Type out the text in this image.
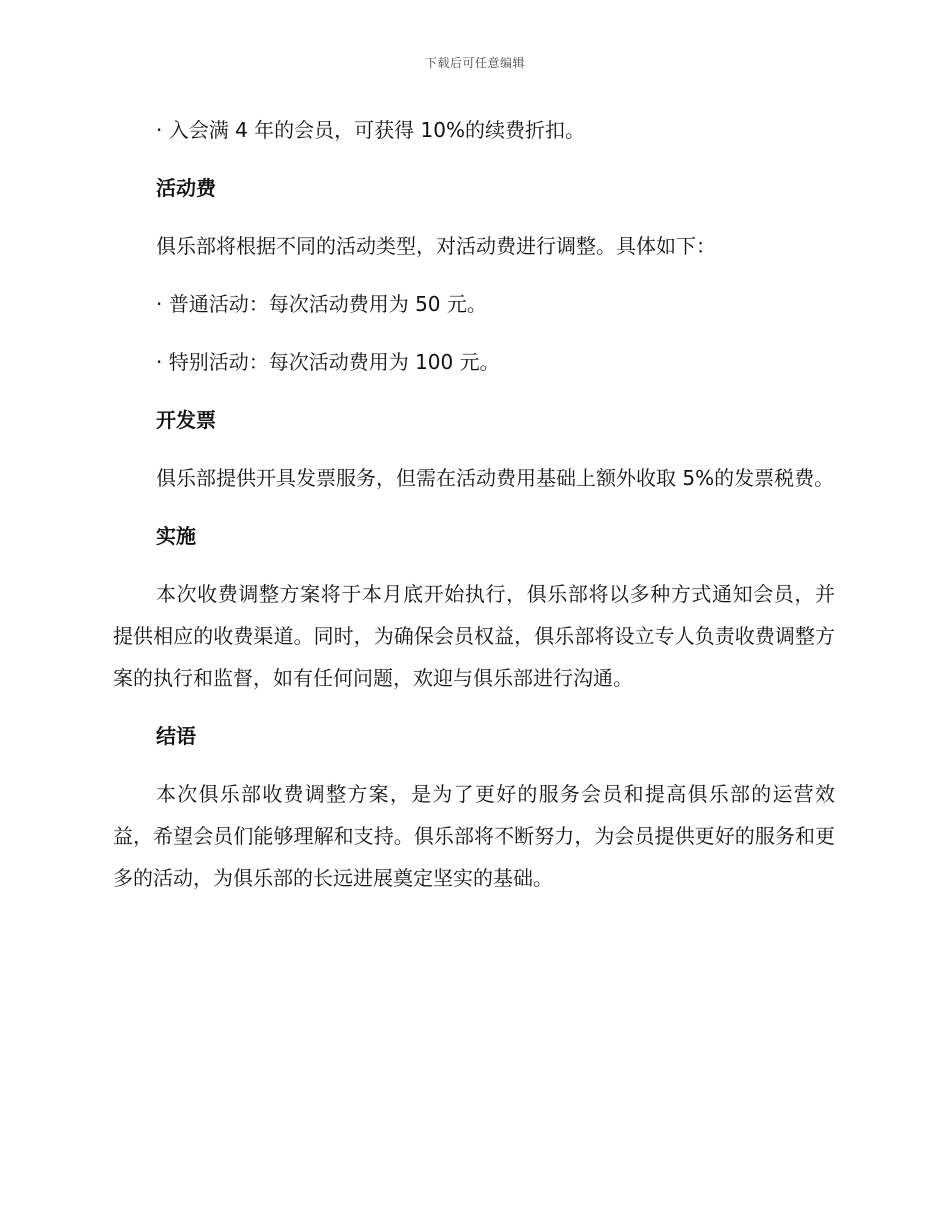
下载后可任意编辑

· 入会满 4 年的会员，可获得 10%的续费折扣。

活动费

俱乐部将根据不同的活动类型，对活动费进行调整。具体如下：

· 普通活动：每次活动费用为 50 元。

· 特别活动：每次活动费用为 100 元。

开发票

俱乐部提供开具发票服务，但需在活动费用基础上额外收取 5%的发票税费。

实施

本次收费调整方案将于本月底开始执行，俱乐部将以多种方式通知会员，并提供相应的收费渠道。同时，为确保会员权益，俱乐部将设立专人负责收费调整方案的执行和监督，如有任何问题，欢迎与俱乐部进行沟通。

结语

本次俱乐部收费调整方案，是为了更好的服务会员和提高俱乐部的运营效益，希望会员们能够理解和支持。俱乐部将不断努力，为会员提供更好的服务和更多的活动，为俱乐部的长远进展奠定坚实的基础。
